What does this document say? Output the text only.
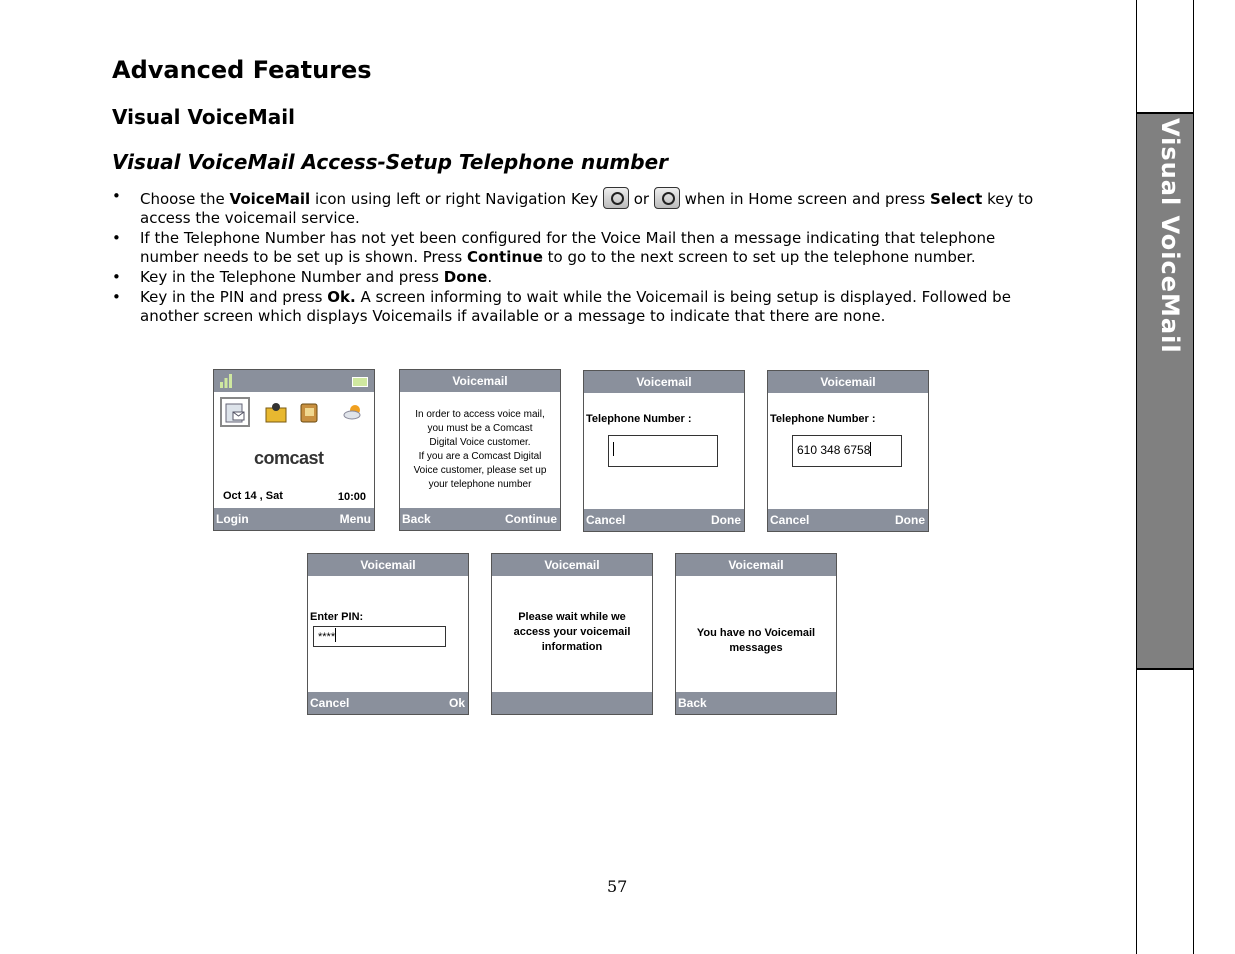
Advanced Features
Visual VoiceMail
Visual VoiceMail Access-Setup Telephone number
• Choose the VoiceMail icon using left or right Navigation Key  or  when in Home screen and press Select key to access the voicemail service.
• If the Telephone Number has not yet been configured for the Voice Mail then a message indicating that telephone number needs to be set up is shown. Press Continue to go to the next screen to set up the telephone number.
• Key in the Telephone Number and press Done.
• Key in the PIN and press Ok. A screen informing to wait while the Voicemail is being setup is displayed. Followed be another screen which displays Voicemails if available or a message to indicate that there are none.
comcast
Oct 14 , Sat	10:00
Login	Menu
Voicemail
In order to access voice mail,
you must be a Comcast
Digital Voice customer.
If you are a Comcast Digital
Voice customer, please set up
your telephone number
Back	Continue
Voicemail
Telephone Number :
Cancel	Done
Voicemail
Telephone Number :
610 348 6758
Cancel	Done
Voicemail
Enter PIN:
****
Cancel	Ok
Voicemail
Please wait while we
access your voicemail
information
Voicemail
You have no Voicemail
messages
Back
Visual VoiceMail
57
